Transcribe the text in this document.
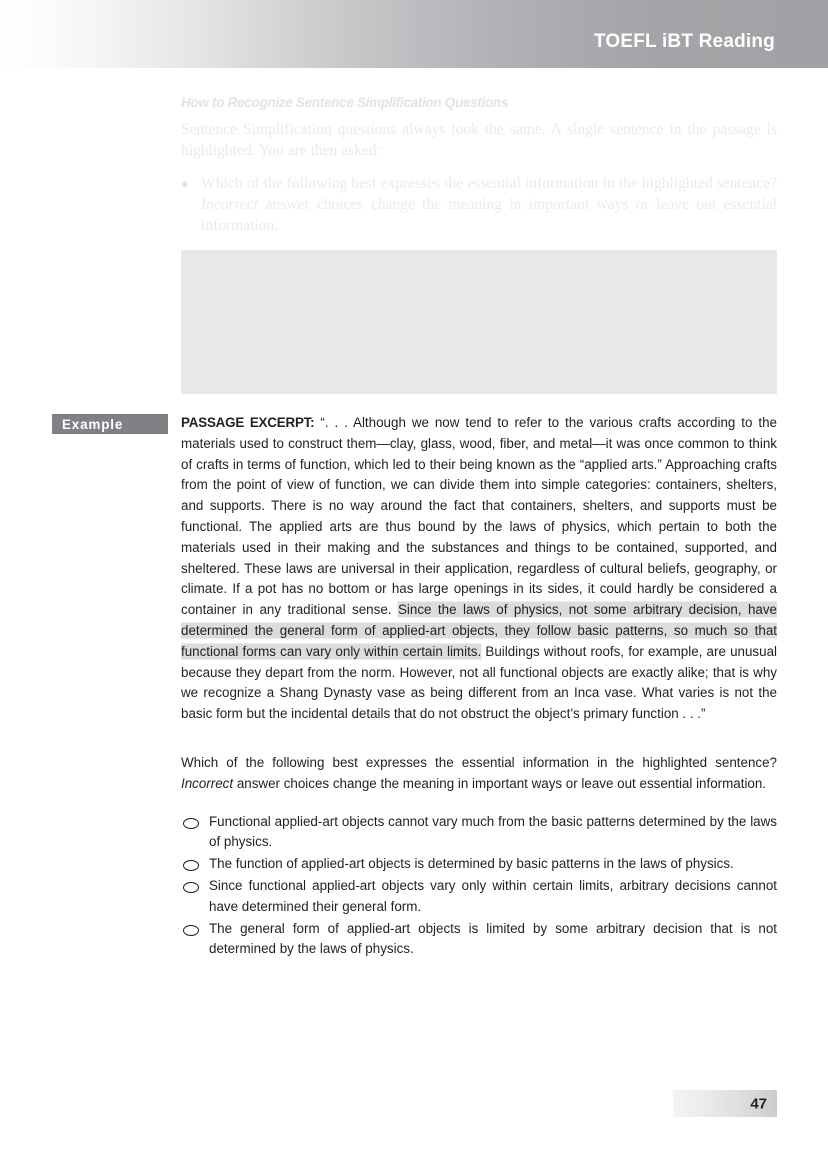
TOEFL iBT Reading
How to Recognize Sentence Simplification Questions

Sentence Simplification questions always look the same. A single sentence in the passage is highlighted. You are then asked:

● Which of the following best expresses the essential information in the highlighted sentence? Incorrect answer choices change the meaning in important ways or leave out essential information.
Example	PASSAGE EXCERPT: “. . . Although we now tend to refer to the various crafts according to the materials used to construct them—clay, glass, wood, fiber, and metal—it was once common to think of crafts in terms of function, which led to their being known as the “applied arts.” Approaching crafts from the point of view of function, we can divide them into simple categories: containers, shelters, and supports. There is no way around the fact that containers, shelters, and supports must be functional. The applied arts are thus bound by the laws of physics, which pertain to both the materials used in their making and the substances and things to be contained, supported, and sheltered. These laws are universal in their application, regardless of cultural beliefs, geography, or climate. If a pot has no bottom or has large openings in its sides, it could hardly be considered a container in any traditional sense. Since the laws of physics, not some arbitrary decision, have determined the general form of applied-art objects, they follow basic patterns, so much so that functional forms can vary only within certain limits. Buildings without roofs, for example, are unusual because they depart from the norm. However, not all functional objects are exactly alike; that is why we recognize a Shang Dynasty vase as being different from an Inca vase. What varies is not the basic form but the incidental details that do not obstruct the object’s primary function . . .”

Which of the following best expresses the essential information in the highlighted sentence? Incorrect answer choices change the meaning in important ways or leave out essential information.

Functional applied-art objects cannot vary much from the basic patterns determined by the laws of physics.
The function of applied-art objects is determined by basic patterns in the laws of physics.
Since functional applied-art objects vary only within certain limits, arbitrary decisions cannot have determined their general form.
The general form of applied-art objects is limited by some arbitrary decision that is not determined by the laws of physics.
47
